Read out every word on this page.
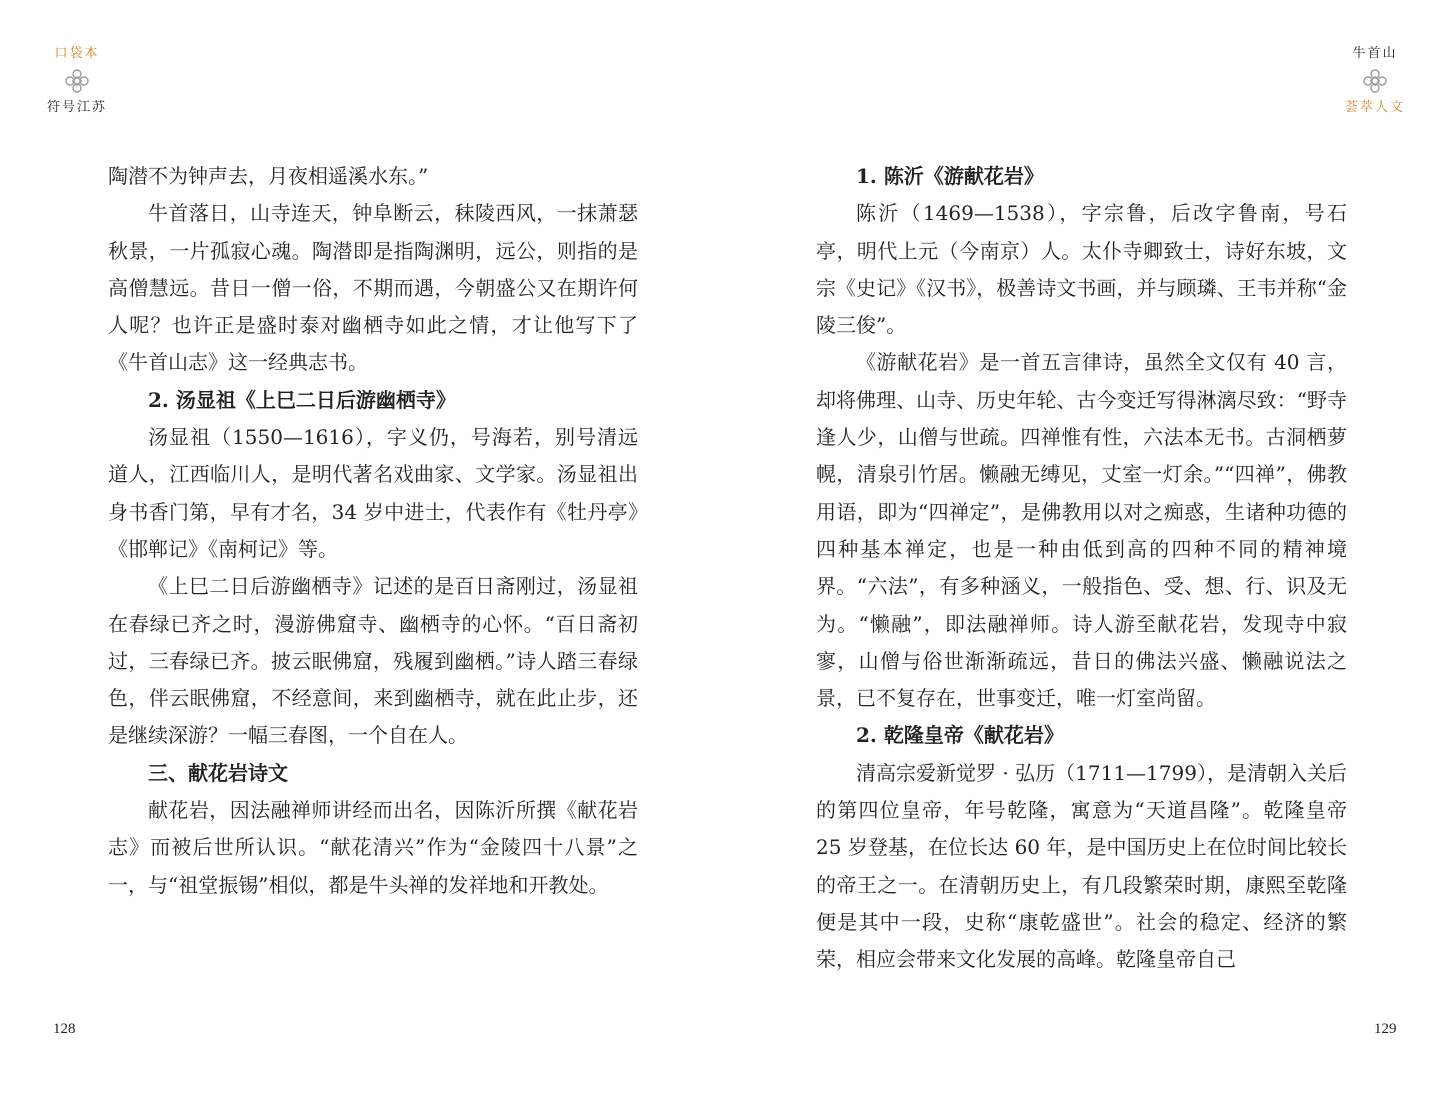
口袋本
符号江苏

陶潜不为钟声去，月夜相遥溪水东。”

牛首落日，山寺连天，钟阜断云，秣陵西风，一抹萧瑟秋景，一片孤寂心魂。陶潜即是指陶渊明，远公，则指的是高僧慧远。昔日一僧一俗，不期而遇，今朝盛公又在期许何人呢？也许正是盛时泰对幽栖寺如此之情，才让他写下了《牛首山志》这一经典志书。

2. 汤显祖《上巳二日后游幽栖寺》

汤显祖（1550—1616），字义仍，号海若，别号清远道人，江西临川人，是明代著名戏曲家、文学家。汤显祖出身书香门第，早有才名，34 岁中进士，代表作有《牡丹亭》《邯郸记》《南柯记》等。

《上巳二日后游幽栖寺》记述的是百日斋刚过，汤显祖在春绿已齐之时，漫游佛窟寺、幽栖寺的心怀。“百日斋初过，三春绿已齐。披云眠佛窟，残履到幽栖。”诗人踏三春绿色，伴云眠佛窟，不经意间，来到幽栖寺，就在此止步，还是继续深游？一幅三春图，一个自在人。

三、献花岩诗文

献花岩，因法融禅师讲经而出名，因陈沂所撰《献花岩志》而被后世所认识。“献花清兴”作为“金陵四十八景”之一，与“祖堂振锡”相似，都是牛头禅的发祥地和开教处。

128
牛首山
荟萃人文

1. 陈沂《游献花岩》

陈沂（1469—1538），字宗鲁，后改字鲁南，号石亭，明代上元（今南京）人。太仆寺卿致士，诗好东坡，文宗《史记》《汉书》，极善诗文书画，并与顾璘、王韦并称“金陵三俊”。

《游献花岩》是一首五言律诗，虽然全文仅有 40 言，却将佛理、山寺、历史年轮、古今变迁写得淋漓尽致：“野寺逢人少，山僧与世疏。四禅惟有性，六法本无书。古洞栖萝幌，清泉引竹居。懒融无缚见，丈室一灯余。”“四禅”，佛教用语，即为“四禅定”，是佛教用以对之痴惑，生诸种功德的四种基本禅定，也是一种由低到高的四种不同的精神境界。“六法”，有多种涵义，一般指色、受、想、行、识及无为。“懒融”，即法融禅师。诗人游至献花岩，发现寺中寂寥，山僧与俗世渐渐疏远，昔日的佛法兴盛、懒融说法之景，已不复存在，世事变迁，唯一灯室尚留。

2. 乾隆皇帝《献花岩》

清高宗爱新觉罗 · 弘历（1711—1799），是清朝入关后的第四位皇帝，年号乾隆，寓意为“天道昌隆”。乾隆皇帝 25 岁登基，在位长达 60 年，是中国历史上在位时间比较长的帝王之一。在清朝历史上，有几段繁荣时期，康熙至乾隆便是其中一段，史称“康乾盛世”。社会的稳定、经济的繁荣，相应会带来文化发展的高峰。乾隆皇帝自己

129
